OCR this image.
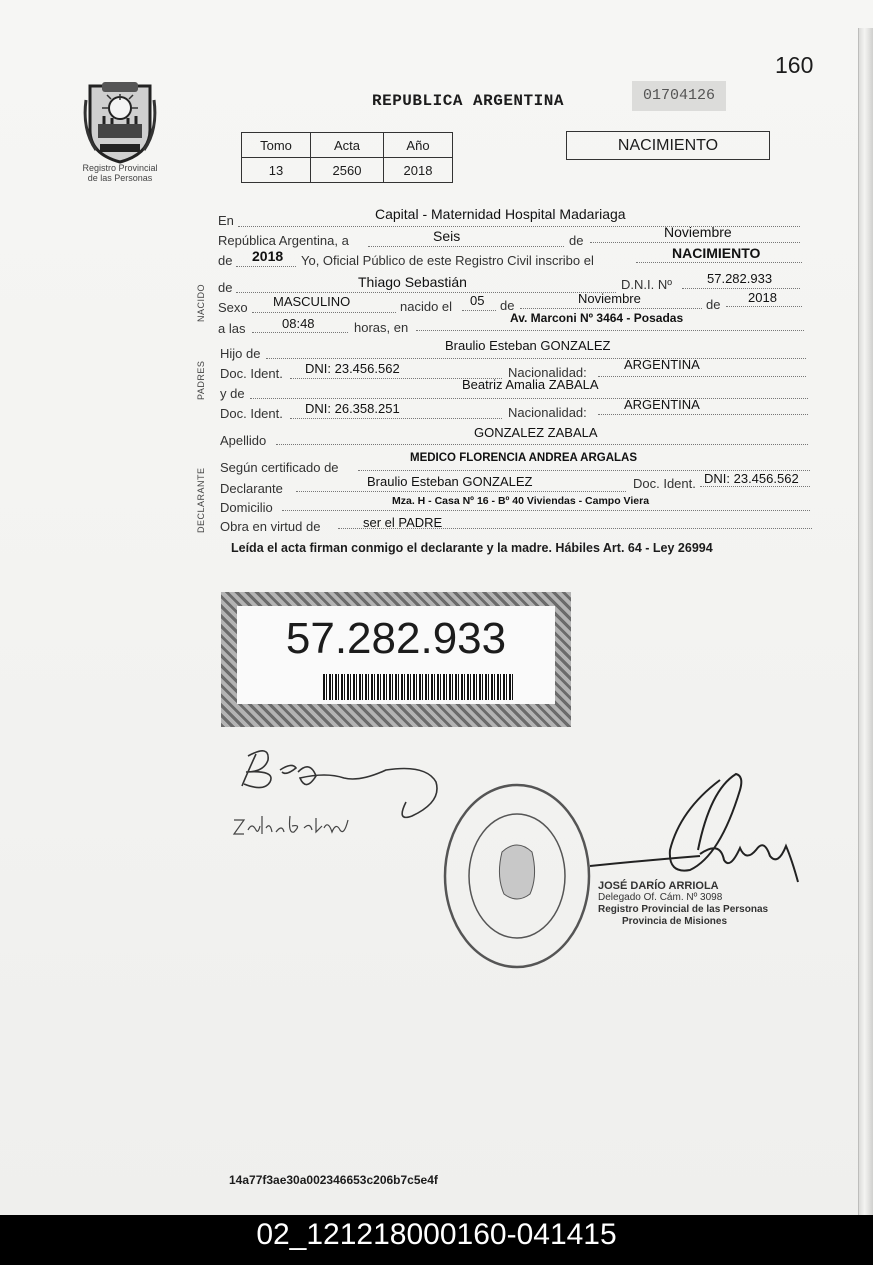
160
Registro Provincial
de las Personas
REPUBLICA ARGENTINA	01704126
Tomo	Acta	Año
13	2560	2018
NACIMIENTO
NACIDO
PADRES
DECLARANTE
En	Capital - Maternidad Hospital Madariaga
República Argentina, a	Seis	de
Noviembre
de 2018 Yo, Oficial Público de este Registro Civil inscribo el	NACIMIENTO
de	Thiago Sebastián	D.N.I. Nº	57.282.933
Sexo MASCULINO	nacido el 05 de	Noviembre	de 2018
a las	08:48	horas, en
Av. Marconi Nº 3464 - Posadas
Hijo de
Braulio Esteban GONZALEZ
Doc. Ident. DNI: 23.456.562	Nacionalidad:
ARGENTINA
y de
Beatriz Amalia ZABALA
Doc. Ident. DNI: 26.358.251	Nacionalidad:
ARGENTINA
Apellido
GONZALEZ ZABALA
Según certificado de
MEDICO FLORENCIA ANDREA ARGALAS
Declarante	Braulio Esteban GONZALEZ	Doc. Ident. DNI: 23.456.562
Domicilio	Mza. H - Casa Nº 16 - Bº 40 Viviendas - Campo Viera
Obra en virtud de	ser el PADRE
Leída el acta firman conmigo el declarante y la madre. Hábiles Art. 64 - Ley 26994
57.282.933
JOSÉ DARÍO ARRIOLA
Delegado Of. Cám. Nº 3098
Registro Provincial de las Personas
Provincia de Misiones
14a77f3ae30a002346653c206b7c5e4f
02_121218000160-041415
